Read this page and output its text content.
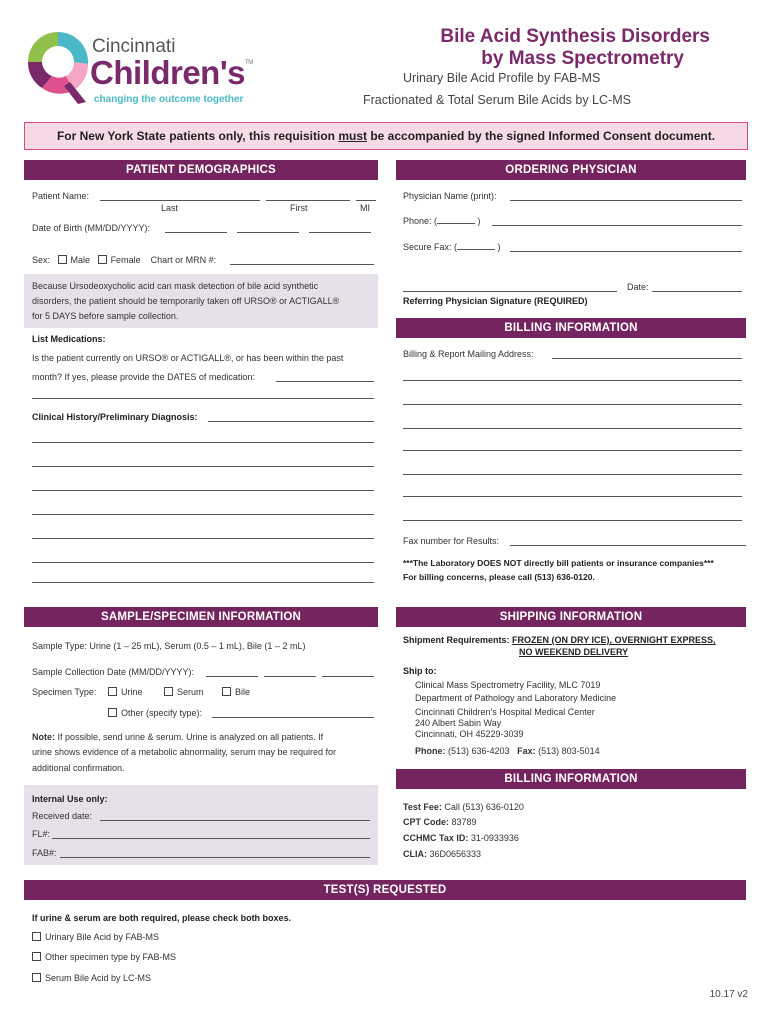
Cincinnati
Children's™
changing the outcome together
Bile Acid Synthesis Disorders
by Mass Spectrometry
Urinary Bile Acid Profile by FAB-MS
Fractionated & Total Serum Bile Acids by LC-MS
For New York State patients only, this requisition must be accompanied by the signed Informed Consent document.
PATIENT DEMOGRAPHICS
Patient Name:
Last	First	MI
Date of Birth (MM/DD/YYYY):
Sex: Male Female Chart or MRN #:
Because Ursodeoxycholic acid can mask detection of bile acid synthetic
disorders, the patient should be temporarily taken off URSO® or ACTIGALL®
for 5 DAYS before sample collection.
List Medications:
Is the patient currently on URSO® or ACTIGALL®, or has been within the past
month? If yes, please provide the DATES of medication:
Clinical History/Preliminary Diagnosis:
ORDERING PHYSICIAN
Physician Name (print):
Phone: (	)
Secure Fax: (	)
Date:
Referring Physician Signature (REQUIRED)
BILLING INFORMATION
Billing & Report Mailing Address:
Fax number for Results:
***The Laboratory DOES NOT directly bill patients or insurance companies***
For billing concerns, please call (513) 636-0120.
SAMPLE/SPECIMEN INFORMATION
Sample Type: Urine (1 – 25 mL), Serum (0.5 – 1 mL), Bile (1 – 2 mL)
Sample Collection Date (MM/DD/YYYY):
Specimen Type:	Urine	Serum	Bile
Other (specify type):
Note: If possible, send urine & serum. Urine is analyzed on all patients. If
urine shows evidence of a metabolic abnormality, serum may be required for
additional confirmation.
Internal Use only:
Received date:
FL#:
FAB#:
SHIPPING INFORMATION
Shipment Requirements: FROZEN (ON DRY ICE), OVERNIGHT EXPRESS,
NO WEEKEND DELIVERY
Ship to:
Clinical Mass Spectrometry Facility, MLC 7019
Department of Pathology and Laboratory Medicine
Cincinnati Children's Hospital Medical Center
240 Albert Sabin Way
Cincinnati, OH 45229-3039
Phone: (513) 636-4203 Fax: (513) 803-5014
BILLING INFORMATION
Test Fee: Call (513) 636-0120
CPT Code: 83789
CCHMC Tax ID: 31-0933936
CLIA: 36D0656333
TEST(S) REQUESTED
If urine & serum are both required, please check both boxes.
Urinary Bile Acid by FAB-MS
Other specimen type by FAB-MS
Serum Bile Acid by LC-MS
10.17 v2
